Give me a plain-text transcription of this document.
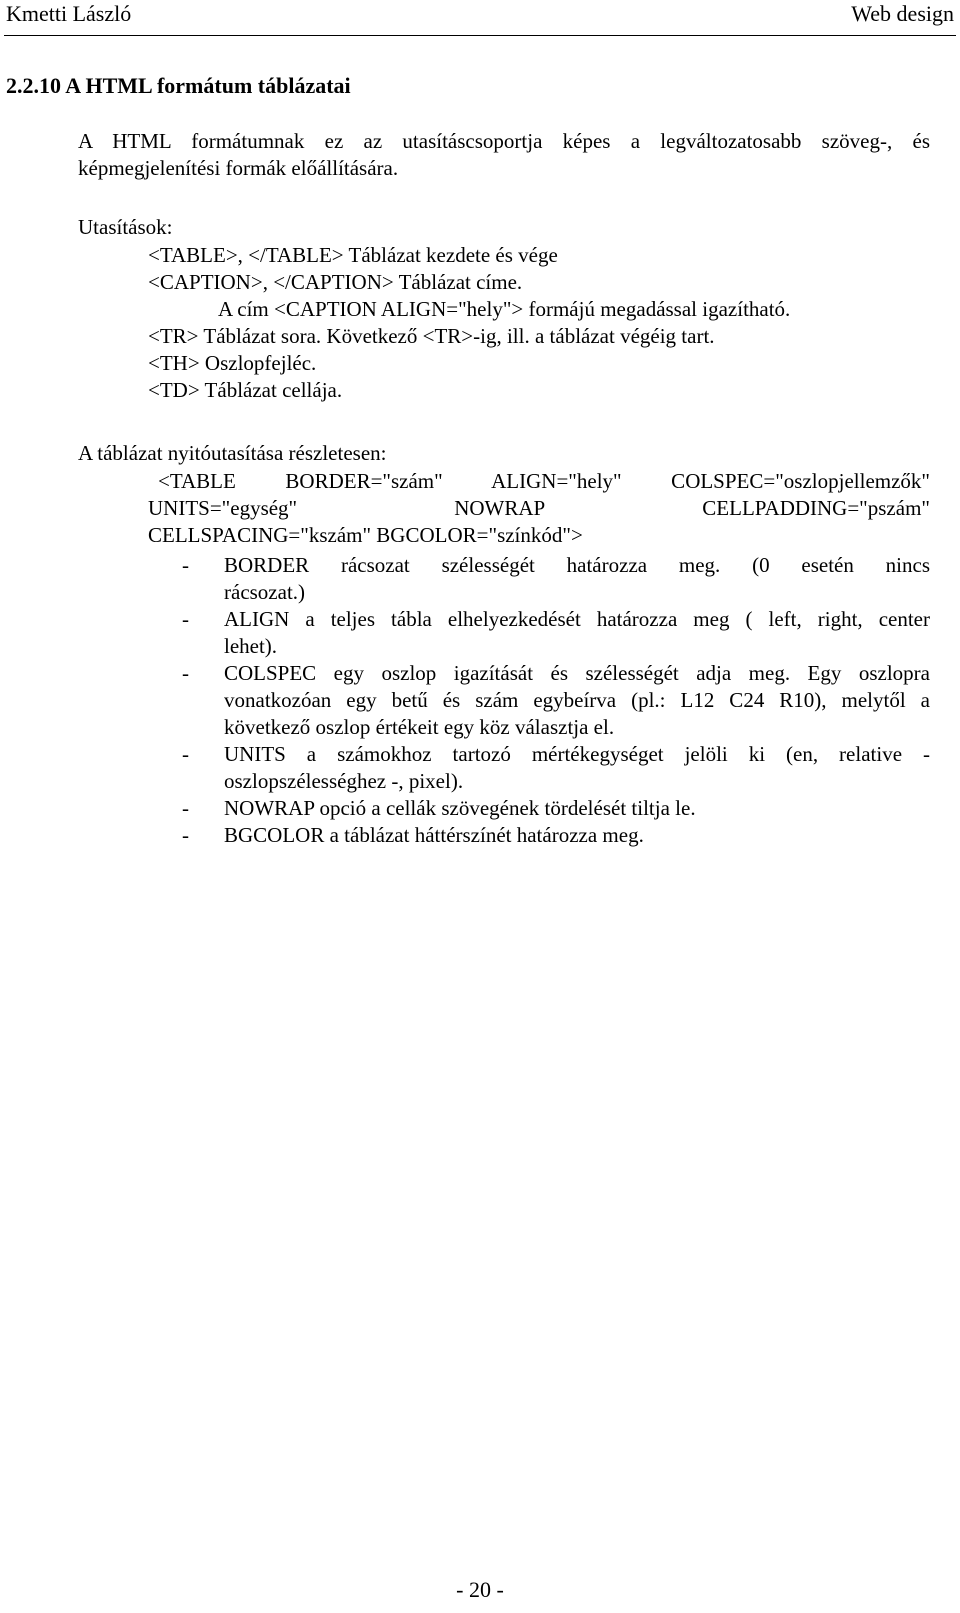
Kmetti László	Web design
2.2.10 A HTML formátum táblázatai
A HTML formátumnak ez az utasításcsoportja képes a legváltozatosabb szöveg-, és
képmegjelenítési formák előállítására.
Utasítások:
<TABLE>, </TABLE> Táblázat kezdete és vége
<CAPTION>, </CAPTION> Táblázat címe.
A cím <CAPTION ALIGN="hely"> formájú megadással igazítható.
<TR> Táblázat sora. Következő <TR>-ig, ill. a táblázat végéig tart.
<TH> Oszlopfejléc.
<TD> Táblázat cellája.
A táblázat nyitóutasítása részletesen:
<TABLE BORDER="szám" ALIGN="hely" COLSPEC="oszlopjellemzők"
UNITS="egység"	NOWRAP	CELLPADDING="pszám"
CELLSPACING="kszám" BGCOLOR="színkód">
- BORDER rácsozat szélességét határozza meg. (0 esetén nincs
rácsozat.)
- ALIGN a teljes tábla elhelyezkedését határozza meg ( left, right, center
lehet).
- COLSPEC egy oszlop igazítását és szélességét adja meg. Egy oszlopra
vonatkozóan egy betű és szám egybeírva (pl.: L12 C24 R10), melytől a
következő oszlop értékeit egy köz választja el.
- UNITS a számokhoz tartozó mértékegységet jelöli ki (en, relative -
oszlopszélességhez -, pixel).
- NOWRAP opció a cellák szövegének tördelését tiltja le.
- BGCOLOR a táblázat háttérszínét határozza meg.
- 20 -
